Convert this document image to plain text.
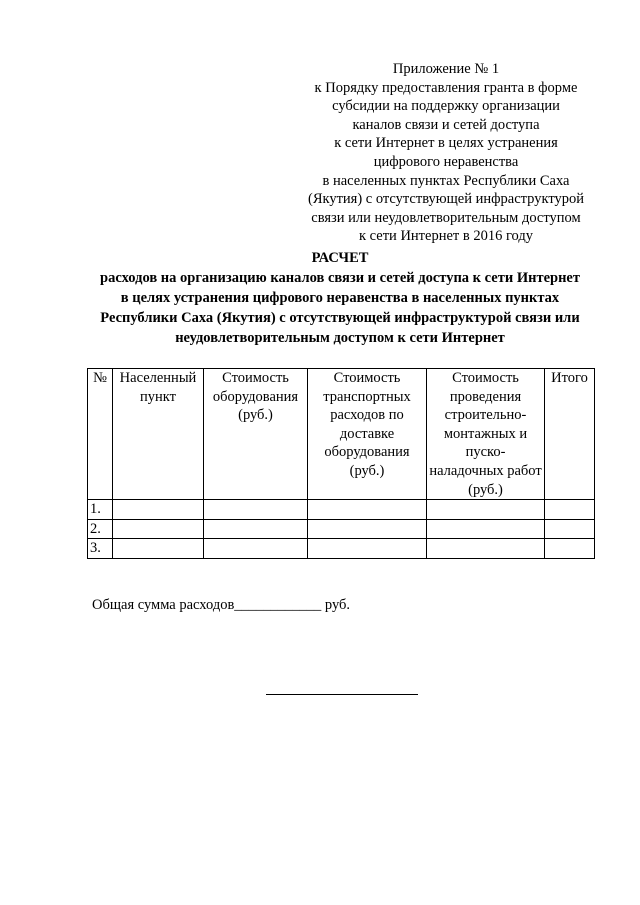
Приложение № 1
к Порядку предоставления гранта в форме
субсидии на поддержку организации
каналов связи и сетей доступа
к сети Интернет в целях устранения
цифрового неравенства
в населенных пунктах Республики Саха
(Якутия) с отсутствующей инфраструктурой
связи или неудовлетворительным доступом
к сети Интернет в 2016 году
РАСЧЕТ
расходов на организацию каналов связи и сетей доступа к сети Интернет
в целях устранения цифрового неравенства в населенных пунктах
Республики Саха (Якутия) с отсутствующей инфраструктурой связи или
неудовлетворительным доступом к сети Интернет
№	Населенный пункт	Стоимость оборудования (руб.)	Стоимость транспортных расходов по доставке оборудования (руб.)	Стоимость проведения строительно-монтажных и пуско-наладочных работ (руб.)	Итого
1.					
2.					
3.					
Общая сумма расходов____________ руб.
